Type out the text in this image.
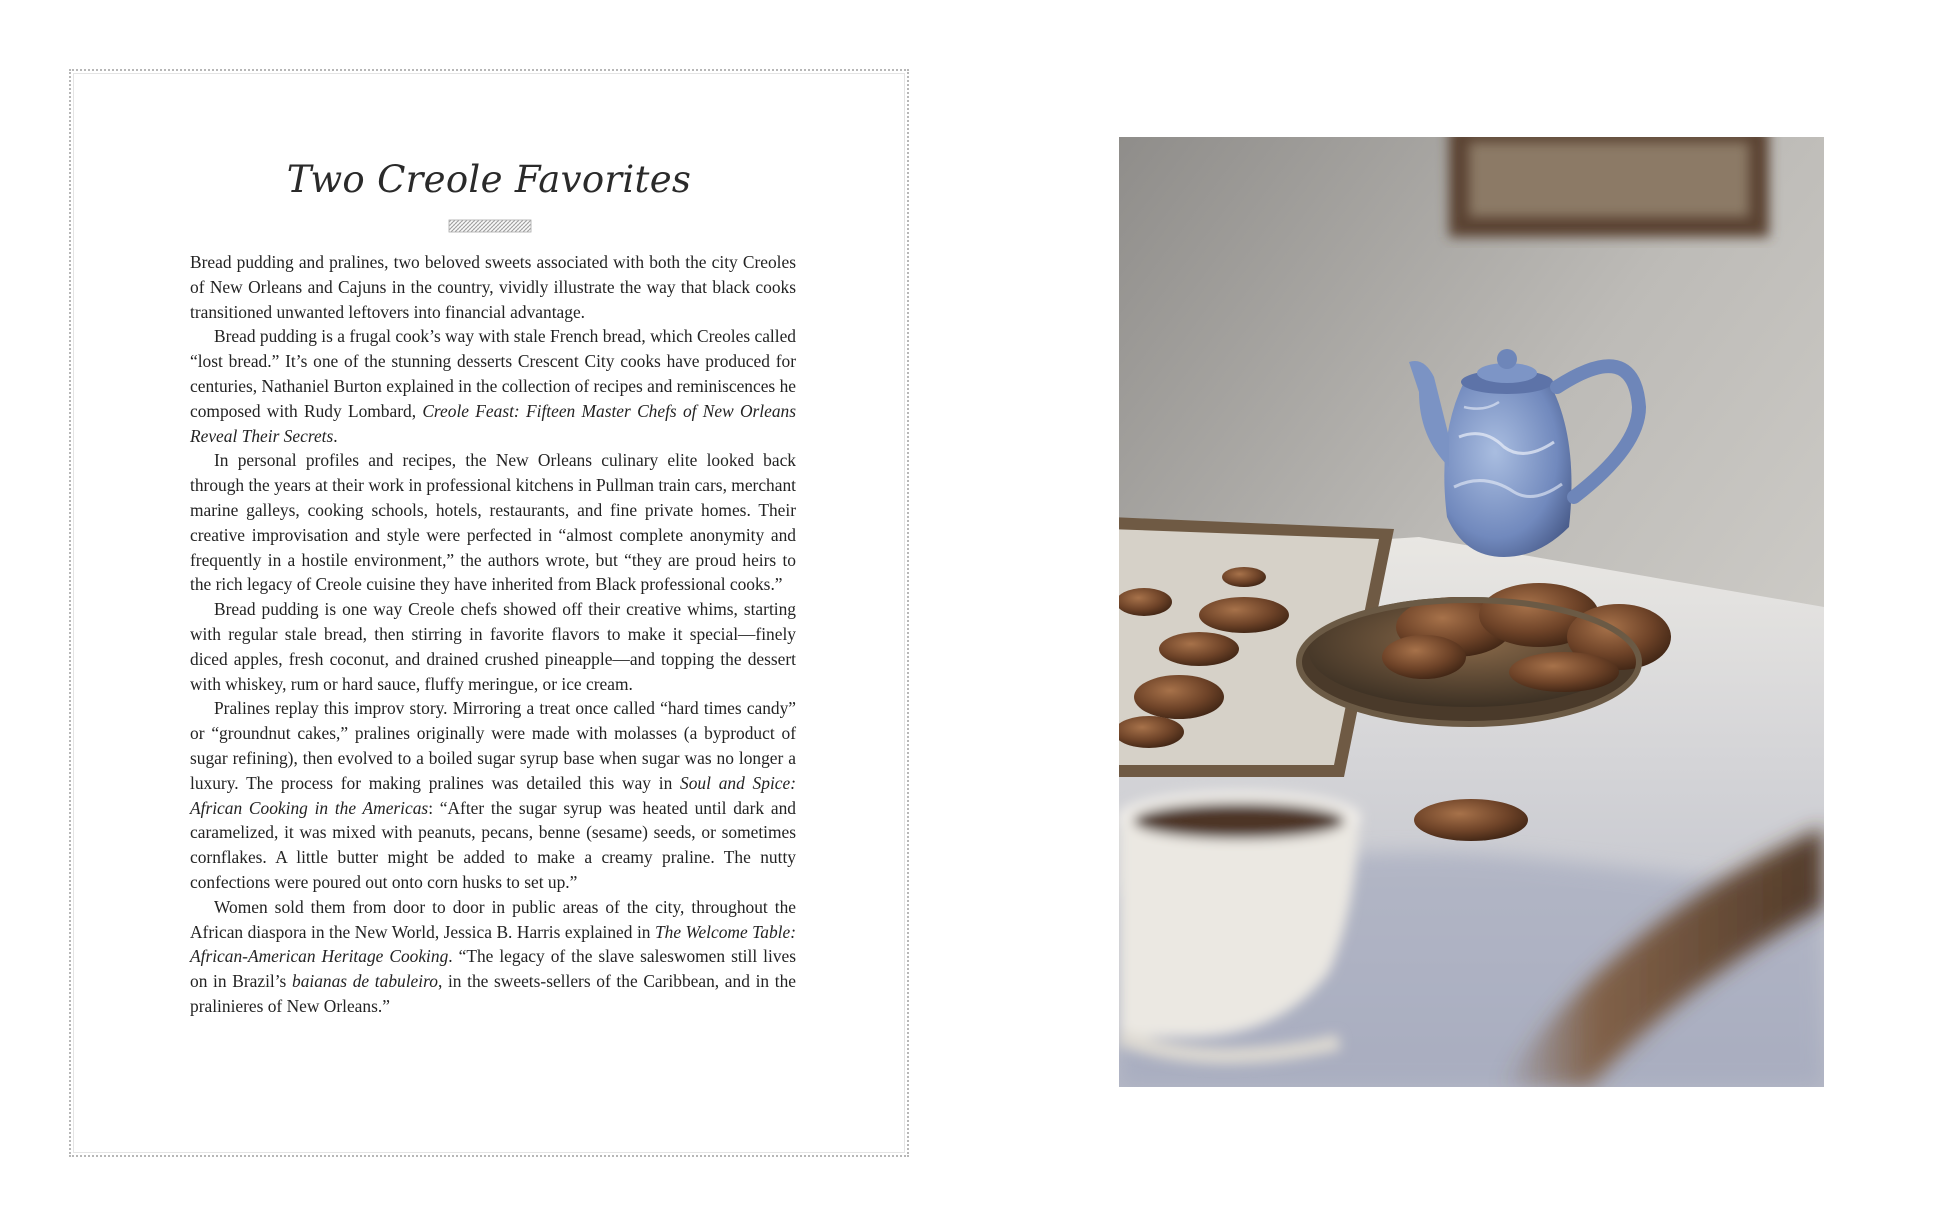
Two Creole Favorites

Bread pudding and pralines, two beloved sweets associated with both the city Creoles of New Orleans and Cajuns in the country, vividly illustrate the way that black cooks transitioned unwanted leftovers into financial advantage.

Bread pudding is a frugal cook’s way with stale French bread, which Creoles called “lost bread.” It’s one of the stunning desserts Crescent City cooks have produced for centuries, Nathaniel Burton explained in the collection of recipes and reminiscences he composed with Rudy Lombard, Creole Feast: Fifteen Master Chefs of New Orleans Reveal Their Secrets.

In personal profiles and recipes, the New Orleans culinary elite looked back through the years at their work in professional kitchens in Pullman train cars, merchant marine galleys, cooking schools, hotels, restaurants, and fine private homes. Their creative improvisation and style were perfected in “almost complete anonymity and frequently in a hostile environment,” the authors wrote, but “they are proud heirs to the rich legacy of Creole cuisine they have inherited from Black professional cooks.”

Bread pudding is one way Creole chefs showed off their creative whims, starting with regular stale bread, then stirring in favorite flavors to make it special—finely diced apples, fresh coconut, and drained crushed pineapple—and topping the dessert with whiskey, rum or hard sauce, fluffy meringue, or ice cream.

Pralines replay this improv story. Mirroring a treat once called “hard times candy” or “groundnut cakes,” pralines originally were made with molasses (a byproduct of sugar refining), then evolved to a boiled sugar syrup base when sugar was no longer a luxury. The process for making pralines was detailed this way in Soul and Spice: African Cooking in the Americas: “After the sugar syrup was heated until dark and caramelized, it was mixed with peanuts, pecans, benne (sesame) seeds, or sometimes cornflakes. A little butter might be added to make a creamy praline. The nutty confections were poured out onto corn husks to set up.”

Women sold them from door to door in public areas of the city, throughout the African diaspora in the New World, Jessica B. Harris explained in The Welcome Table: African-American Heritage Cooking. “The legacy of the slave saleswomen still lives on in Brazil’s baianas de tabuleiro, in the sweets-sellers of the Caribbean, and in the pralinieres of New Orleans.”
